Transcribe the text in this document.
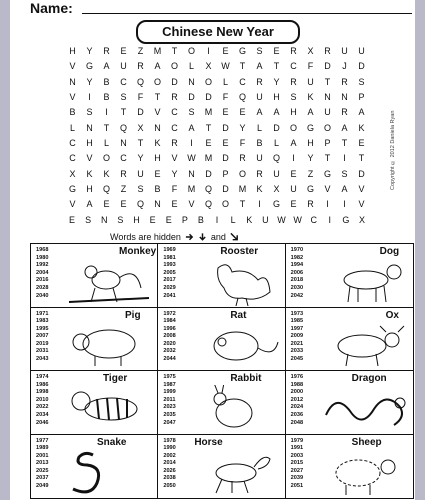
Name:
Chinese New Year
Copyright © 2012 Daniela Ryan
H	Y	R	E	Z	M	T	O	I	E	G	S	E	R	X	R	U	U
V	G	A	U	R	A	O	L	X	W	T	A	T	C	F	D	J	D
N	Y	B	C	Q	O	D	N	O	L	C	R	Y	R	U	T	R	S
V	I	B	S	F	T	R	D	D	F	Q	U	H	S	K	N	N	P
B	S	I	T	D	V	C	S	M	E	E	A	A	H	A	U	R	A
L	N	T	Q	X	N	C	A	T	D	Y	L	D	O	G	O	A	K
C	H	L	N	T	K	R	I	E	E	F	B	L	A	H	P	T	E
C	V	O	C	Y	H	V	W	M	D	R	U	Q	I	Y	T	I	T
X	K	K	R	U	E	Y	N	D	P	O	R	U	E	Z	G	S	D
G	H	Q	Z	S	B	F	M	Q	D	M	K	X	U	G	V	A	V
V	A	E	E	Q	N	E	V	Q	O	T	I	G	E	R	I	I	V
E	S	N	S	H	E	E	P	B	I	L	K	U W W C	I	G	X
Words are hidden	and
1968
1980
1992
2004
2016
2028
2040
Monkey 1969
1981
1993
2005
2017
2029
2041
Rooster	1970
1982
1994
2006
2018
2030
2042
Dog
1971
1983
1995
2007
2019
2031
2043
Pig	1972
1984
1996
2008
2020
2032
2044
Rat	1973
1985
1997
2009
2021
2033
2045
Ox
1974
1986
1998
2010
2022
2034
2046
Tiger	1975
1987
1999
2011
2023
2035
2047
Rabbit	1976
1988
2000
2012
2024
2036
2048
Dragon
1977
1989
2001
2013
2025
2037
2049
Snake	1978
1990
2002
2014
2026
2038
2050
Horse	1979
1991
2003
2015
2027
2039
2051
Sheep
